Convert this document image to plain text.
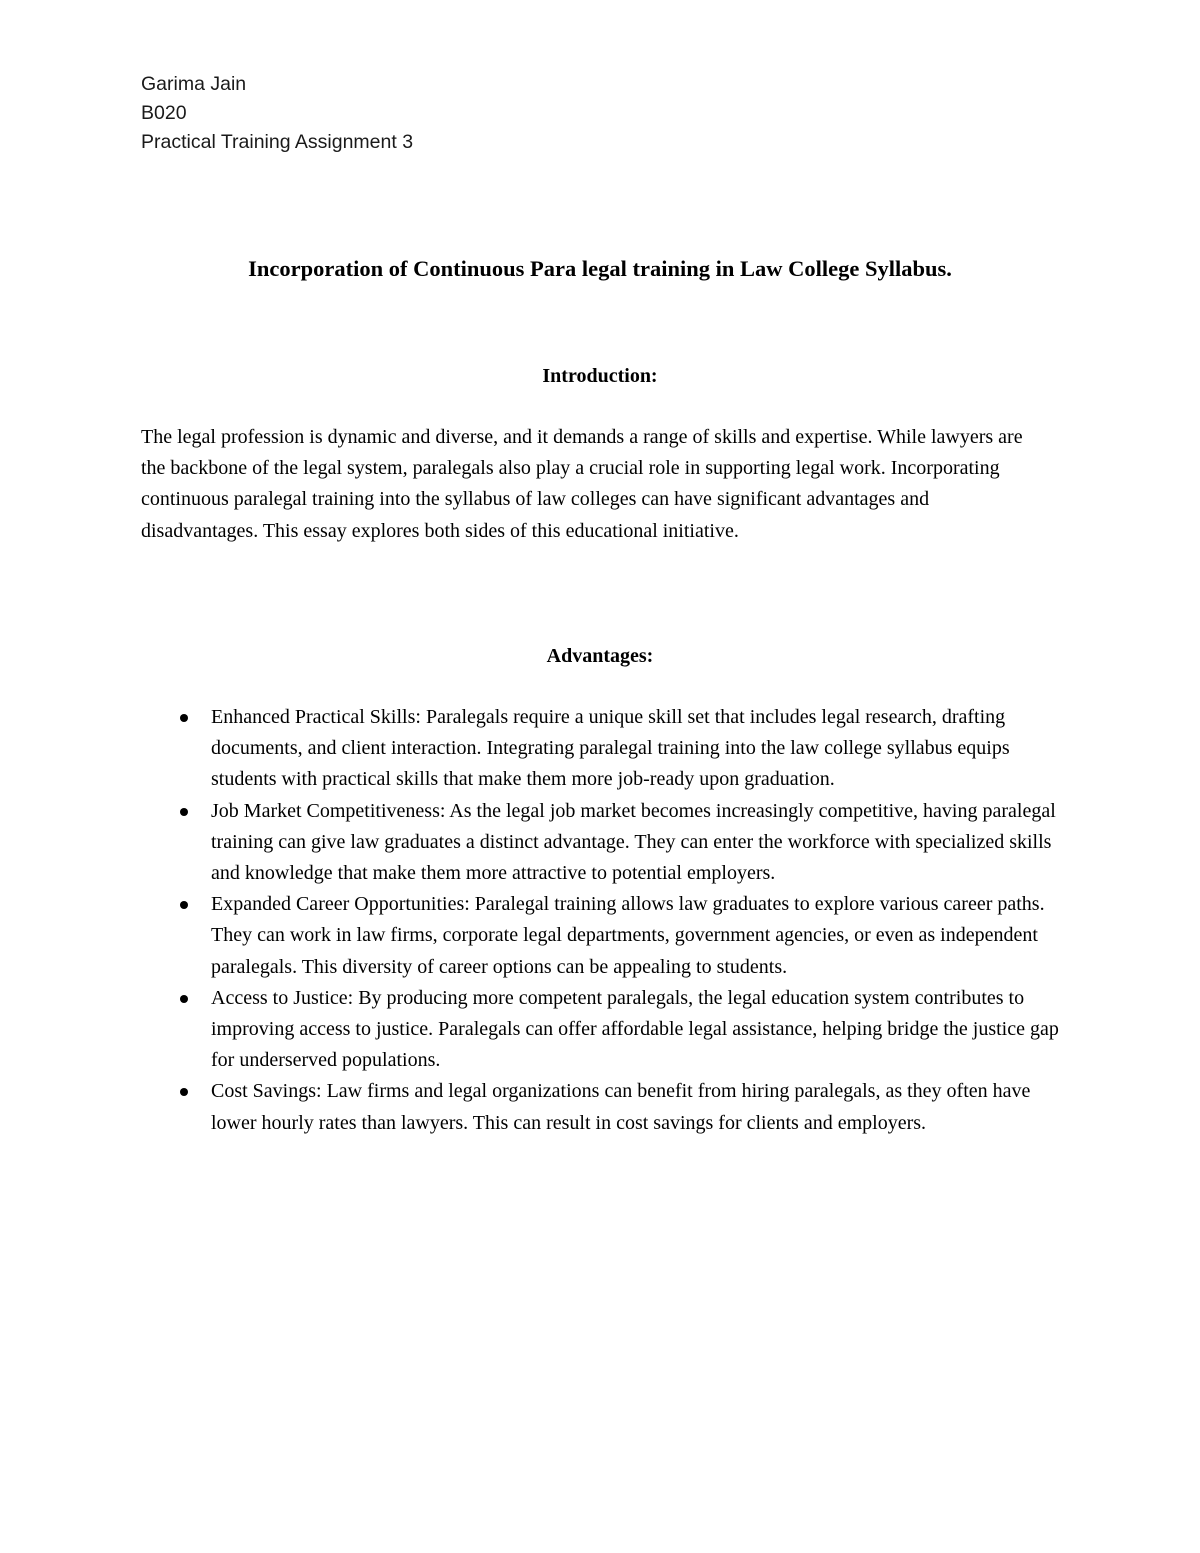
Garima Jain
B020
Practical Training Assignment 3
Incorporation of Continuous Para legal training in Law College Syllabus.
Introduction:
The legal profession is dynamic and diverse, and it demands a range of skills and expertise. While lawyers are the backbone of the legal system, paralegals also play a crucial role in supporting legal work. Incorporating continuous paralegal training into the syllabus of law colleges can have significant advantages and disadvantages. This essay explores both sides of this educational initiative.
Advantages:
Enhanced Practical Skills: Paralegals require a unique skill set that includes legal research, drafting documents, and client interaction. Integrating paralegal training into the law college syllabus equips students with practical skills that make them more job-ready upon graduation.
Job Market Competitiveness: As the legal job market becomes increasingly competitive, having paralegal training can give law graduates a distinct advantage. They can enter the workforce with specialized skills and knowledge that make them more attractive to potential employers.
Expanded Career Opportunities: Paralegal training allows law graduates to explore various career paths. They can work in law firms, corporate legal departments, government agencies, or even as independent paralegals. This diversity of career options can be appealing to students.
Access to Justice: By producing more competent paralegals, the legal education system contributes to improving access to justice. Paralegals can offer affordable legal assistance, helping bridge the justice gap for underserved populations.
Cost Savings: Law firms and legal organizations can benefit from hiring paralegals, as they often have lower hourly rates than lawyers. This can result in cost savings for clients and employers.
